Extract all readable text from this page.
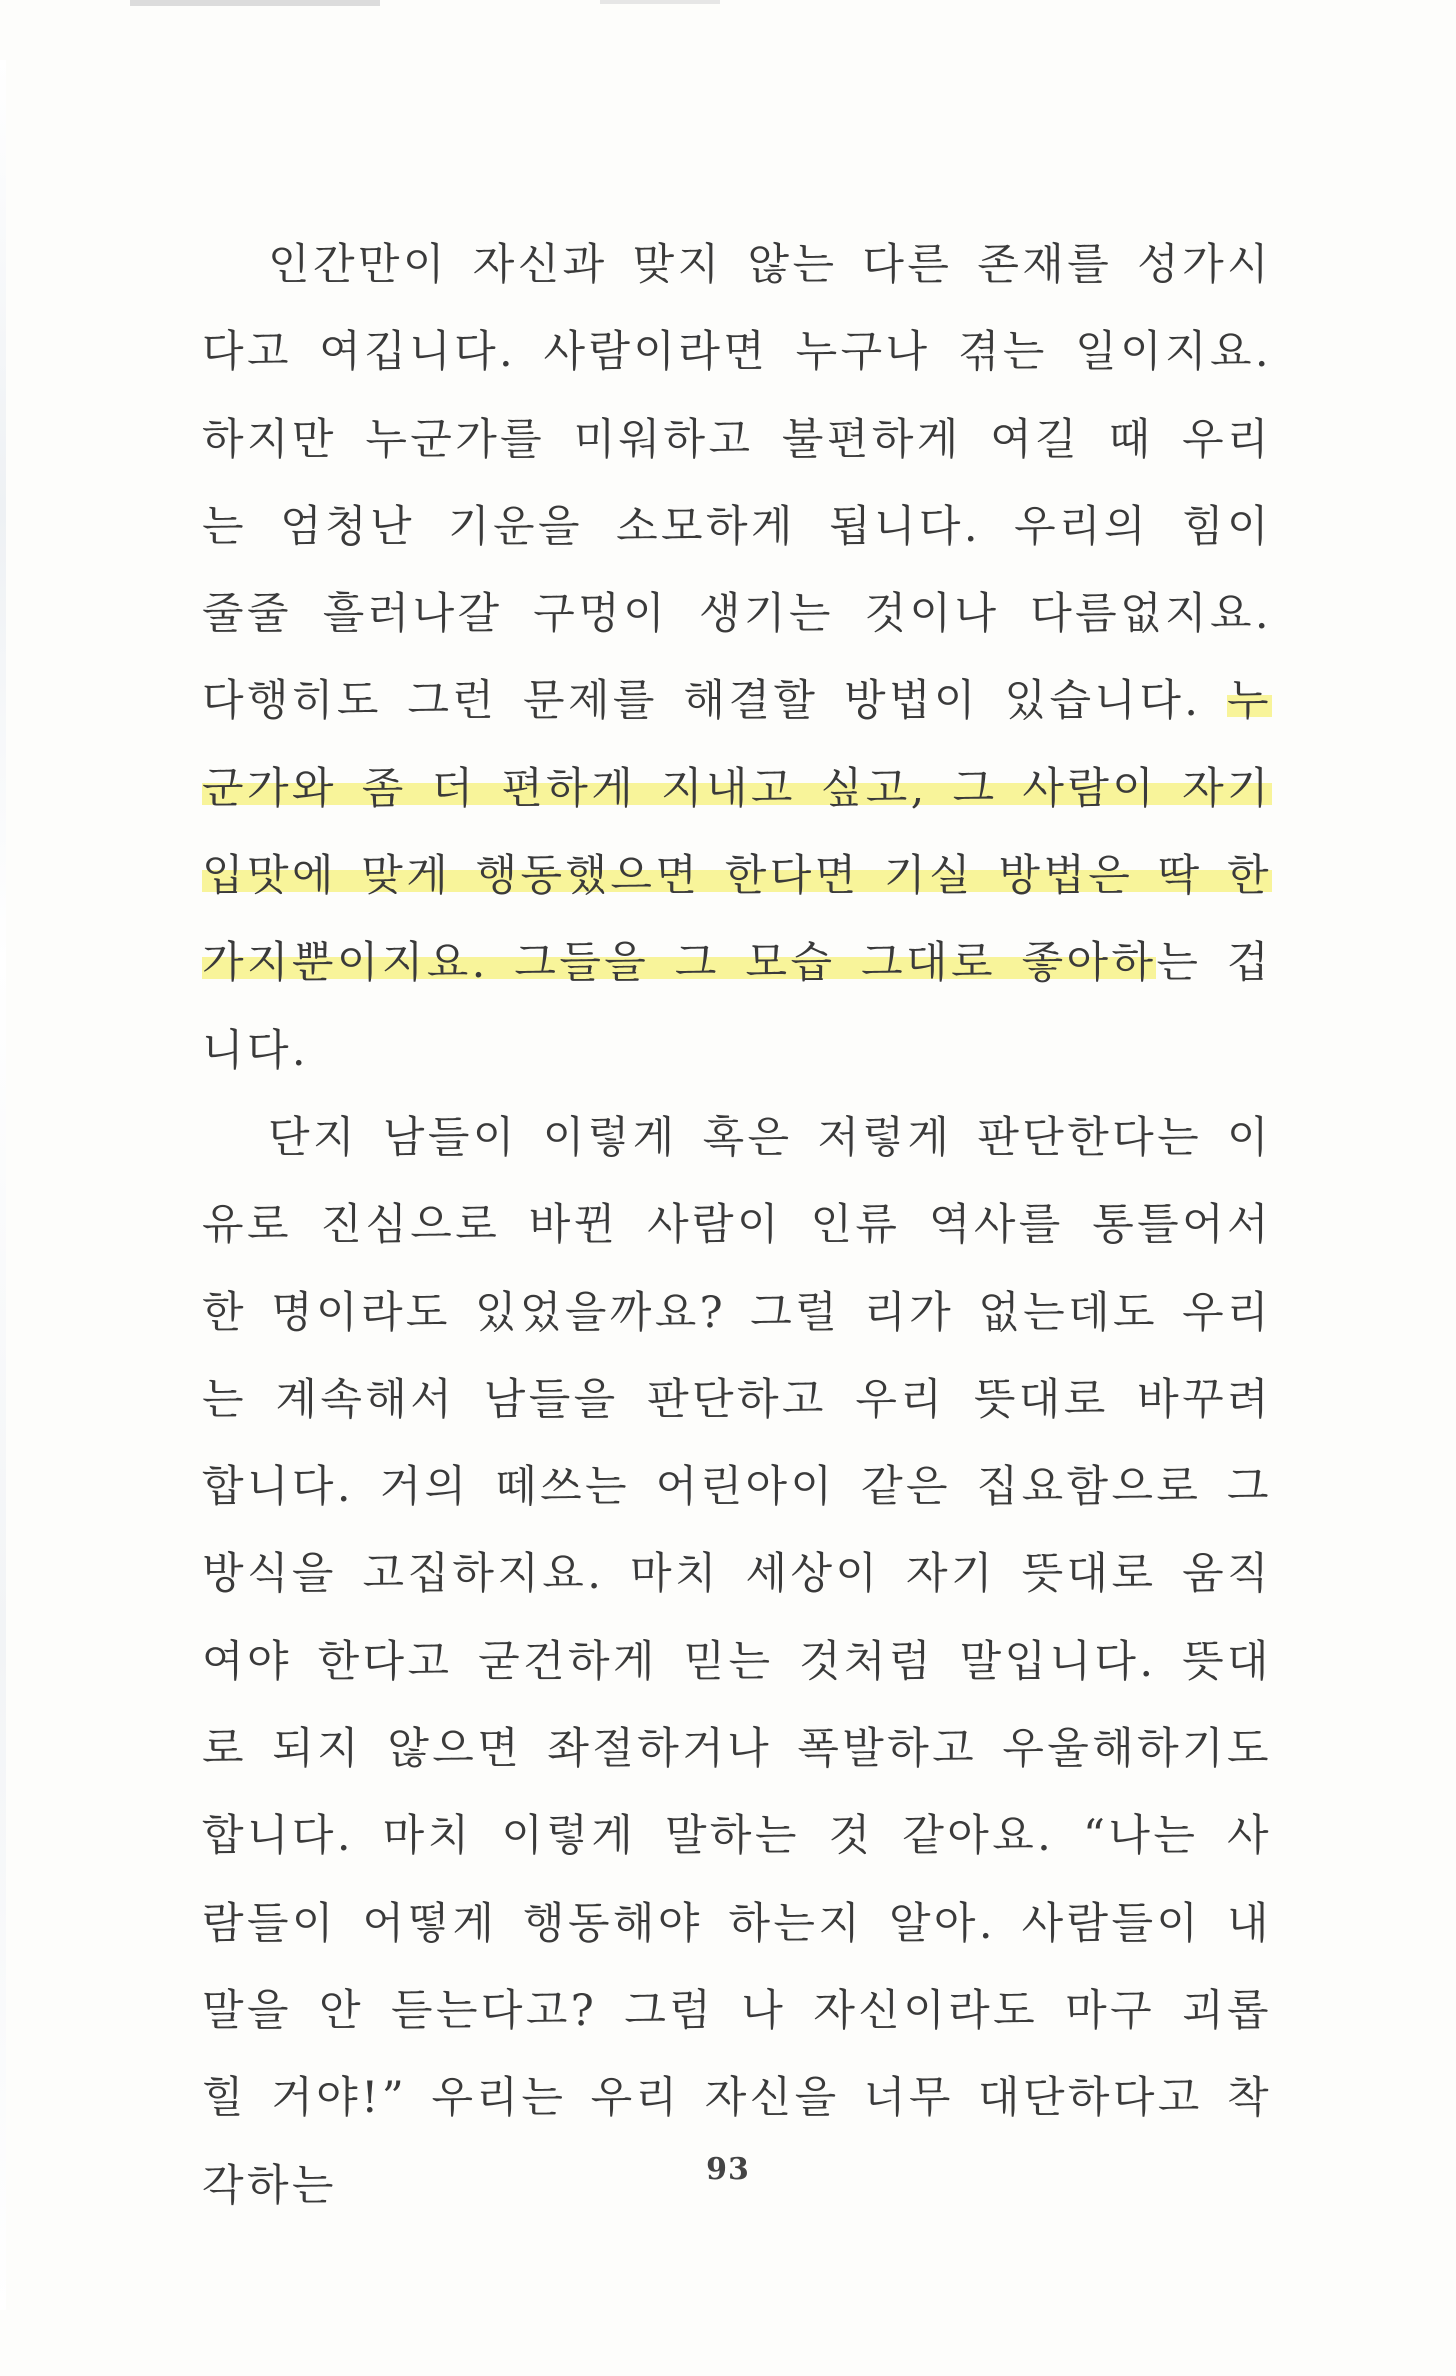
인간만이 자신과 맞지 않는 다른 존재를 성가시다고 여깁니다. 사람이라면 누구나 겪는 일이지요. 하지만 누군가를 미워하고 불편하게 여길 때 우리는 엄청난 기운을 소모하게 됩니다. 우리의 힘이 줄줄 흘러나갈 구멍이 생기는 것이나 다름없지요. 다행히도 그런 문제를 해결할 방법이 있습니다. 누군가와 좀 더 편하게 지내고 싶고, 그 사람이 자기 입맛에 맞게 행동했으면 한다면 기실 방법은 딱 한 가지뿐이지요. 그들을 그 모습 그대로 좋아하는 겁니다.

단지 남들이 이렇게 혹은 저렇게 판단한다는 이유로 진심으로 바뀐 사람이 인류 역사를 통틀어서 한 명이라도 있었을까요? 그럴 리가 없는데도 우리는 계속해서 남들을 판단하고 우리 뜻대로 바꾸려 합니다. 거의 떼쓰는 어린아이 같은 집요함으로 그 방식을 고집하지요. 마치 세상이 자기 뜻대로 움직여야 한다고 굳건하게 믿는 것처럼 말입니다. 뜻대로 되지 않으면 좌절하거나 폭발하고 우울해하기도 합니다. 마치 이렇게 말하는 것 같아요. “나는 사람들이 어떻게 행동해야 하는지 알아. 사람들이 내 말을 안 듣는다고? 그럼 나 자신이라도 마구 괴롭힐 거야!” 우리는 우리 자신을 너무 대단하다고 착각하는	93
